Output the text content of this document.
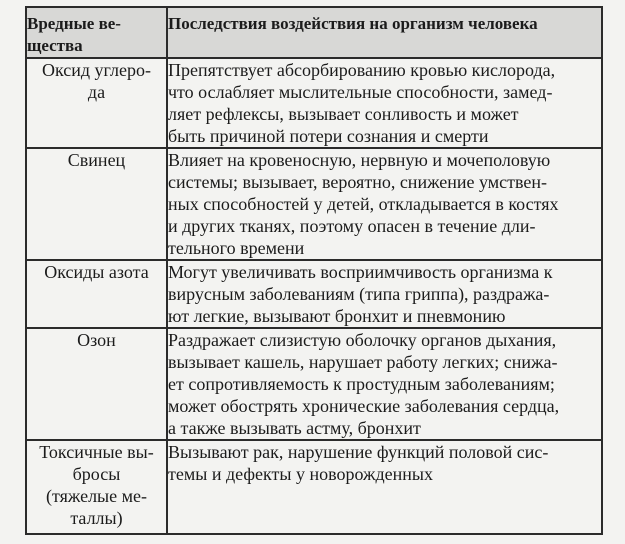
Вредные ве-
щества	Последствия воздействия на организм человека

Оксид углеро-
да	Препятствует абсорбированию кровью кислорода,
что ослабляет мыслительные способности, замед-
ляет рефлексы, вызывает сонливость и может
быть причиной потери сознания и смерти

Свинец	Влияет на кровеносную, нервную и мочеполовую
системы; вызывает, вероятно, снижение умствен-
ных способностей у детей, откладывается в костях
и других тканях, поэтому опасен в течение дли-
тельного времени

Оксиды азота	Могут увеличивать восприимчивость организма к
вирусным заболеваниям (типа гриппа), раздража-
ют легкие, вызывают бронхит и пневмонию

Озон	Раздражает слизистую оболочку органов дыхания,
вызывает кашель, нарушает работу легких; снижа-
ет сопротивляемость к простудным заболеваниям;
может обострять хронические заболевания сердца,
а также вызывать астму, бронхит

Токсичные вы-
бросы
(тяжелые ме-
таллы)	Вызывают рак, нарушение функций половой сис-
темы и дефекты у новорожденных
